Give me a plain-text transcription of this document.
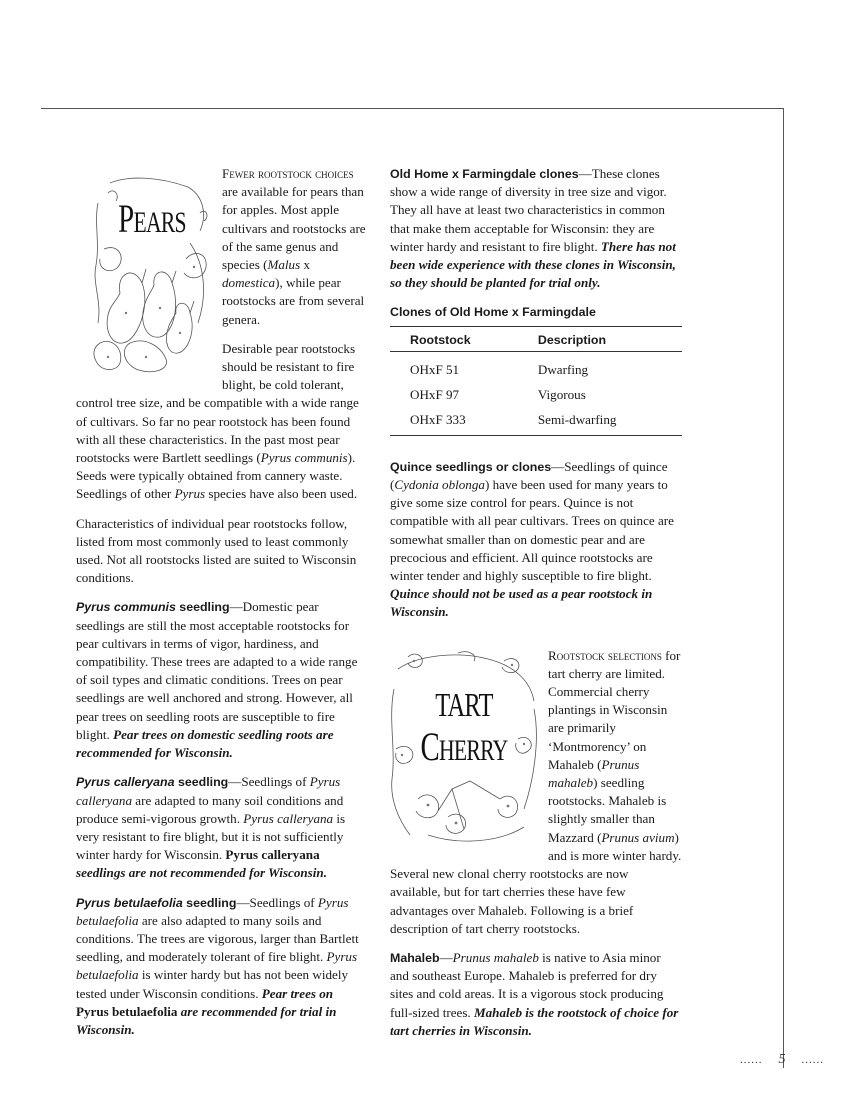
PEARS

Fewer rootstock choices are available for pears than for apples. Most apple cultivars and rootstocks are of the same genus and species (Malus x domestica), while pear rootstocks are from several genera.

Desirable pear rootstocks should be resistant to fire blight, be cold tolerant, control tree size, and be compatible with a wide range of cultivars. So far no pear rootstock has been found with all these characteristics. In the past most pear rootstocks were Bartlett seedlings (Pyrus communis). Seeds were typically obtained from cannery waste. Seedlings of other Pyrus species have also been used.

Characteristics of individual pear rootstocks follow, listed from most commonly used to least commonly used. Not all rootstocks listed are suited to Wisconsin conditions.

Pyrus communis seedling—Domestic pear seedlings are still the most acceptable rootstocks for pear cultivars in terms of vigor, hardiness, and compatibility. These trees are adapted to a wide range of soil types and climatic conditions. Trees on pear seedlings are well anchored and strong. However, all pear trees on seedling roots are susceptible to fire blight. Pear trees on domestic seedling roots are recommended for Wisconsin.

Pyrus calleryana seedling—Seedlings of Pyrus calleryana are adapted to many soil conditions and produce semi-vigorous growth. Pyrus calleryana is very resistant to fire blight, but it is not sufficiently winter hardy for Wisconsin. Pyrus calleryana seedlings are not recommended for Wisconsin.

Pyrus betulaefolia seedling—Seedlings of Pyrus betulaefolia are also adapted to many soils and conditions. The trees are vigorous, larger than Bartlett seedling, and moderately tolerant of fire blight. Pyrus betulaefolia is winter hardy but has not been widely tested under Wisconsin conditions. Pear trees on Pyrus betulaefolia are recommended for trial in Wisconsin.

Old Home x Farmingdale clones—These clones show a wide range of diversity in tree size and vigor. They all have at least two characteristics in common that make them acceptable for Wisconsin: they are winter hardy and resistant to fire blight. There has not been wide experience with these clones in Wisconsin, so they should be planted for trial only.

Clones of Old Home x Farmingdale
Rootstock	Description
OHxF 51	Dwarfing
OHxF 97	Vigorous
OHxF 333	Semi-dwarfing

Quince seedlings or clones—Seedlings of quince (Cydonia oblonga) have been used for many years to give some size control for pears. Quince is not compatible with all pear cultivars. Trees on quince are somewhat smaller than on domestic pear and are precocious and efficient. All quince rootstocks are winter tender and highly susceptible to fire blight. Quince should not be used as a pear rootstock in Wisconsin.

TART
CHERRY

Rootstock selections for tart cherry are limited. Commercial cherry plantings in Wisconsin are primarily ‘Montmorency’ on Mahaleb (Prunus mahaleb) seedling rootstocks. Mahaleb is slightly smaller than Mazzard (Prunus avium) and is more winter hardy. Several new clonal cherry rootstocks are now available, but for tart cherries these have few advantages over Mahaleb. Following is a brief description of tart cherry rootstocks.

Mahaleb—Prunus mahaleb is native to Asia minor and southeast Europe. Mahaleb is preferred for dry sites and cold areas. It is a vigorous stock producing full-sized trees. Mahaleb is the rootstock of choice for tart cherries in Wisconsin.

...... 5 ......
